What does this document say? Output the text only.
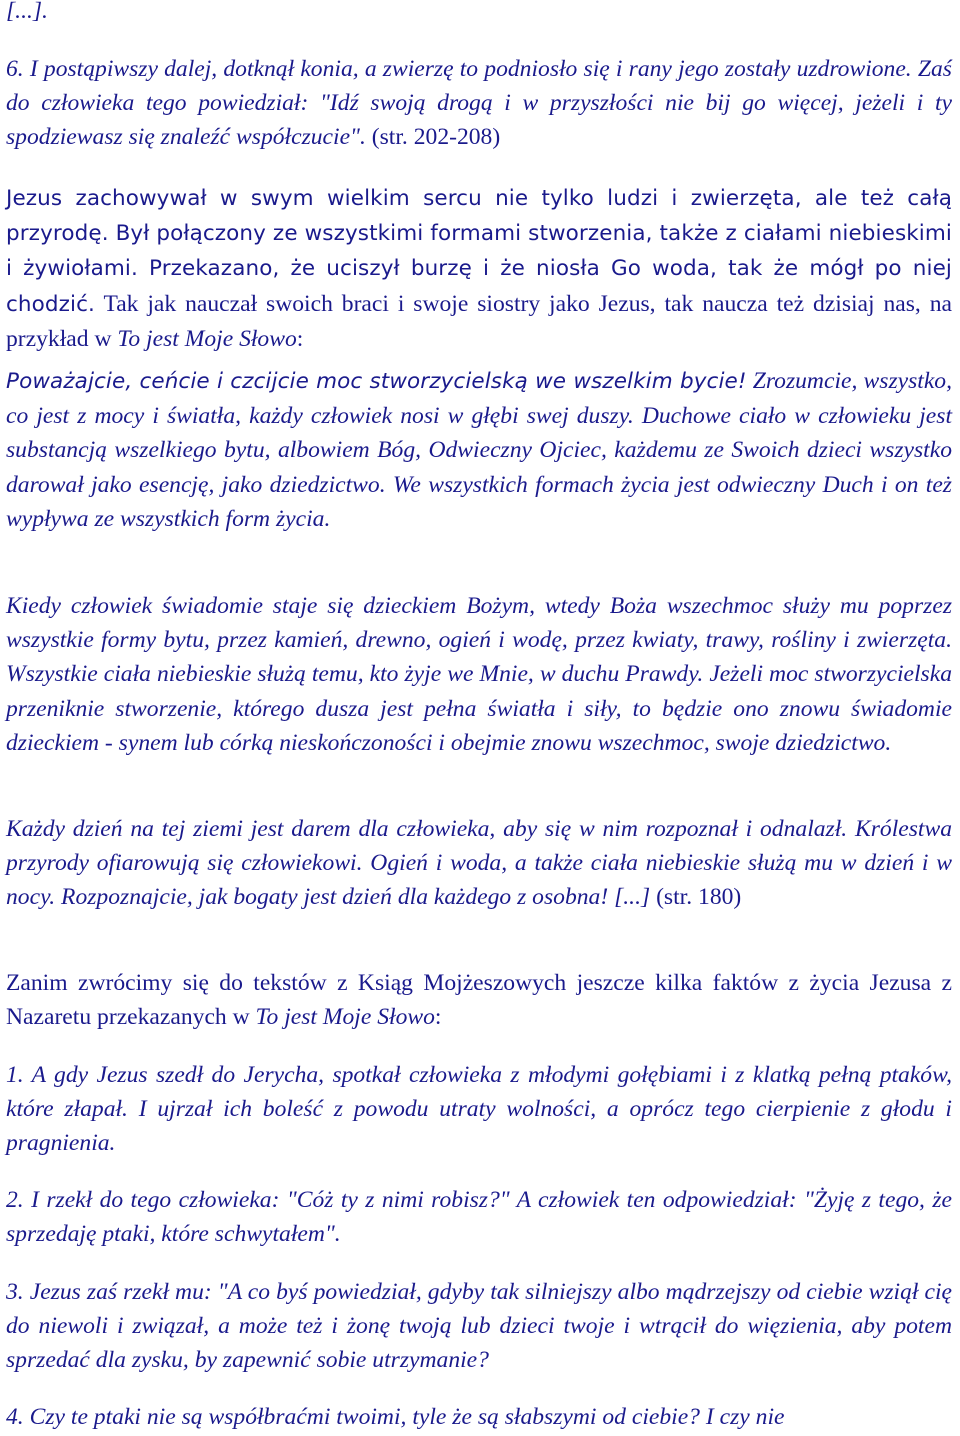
[...].

6. I postąpiwszy dalej, dotknął konia, a zwierzę to podniosło się i rany jego zostały uzdrowione. Zaś do człowieka tego powiedział: "Idź swoją drogą i w przyszłości nie bij go więcej, jeżeli i ty spodziewasz się znaleźć współczucie". (str. 202-208)

Jezus zachowywał w swym wielkim sercu nie tylko ludzi i zwierzęta, ale też całą przyrodę. Był połączony ze wszystkimi formami stworzenia, także z ciałami niebieskimi i żywiołami. Przekazano, że uciszył burzę i że niosła Go woda, tak że mógł po niej chodzić. Tak jak nauczał swoich braci i swoje siostry jako Jezus, tak naucza też dzisiaj nas, na przykład w To jest Moje Słowo:

Poważajcie, ceńcie i czcijcie moc stworzycielską we wszelkim bycie! Zrozumcie, wszystko, co jest z mocy i światła, każdy człowiek nosi w głębi swej duszy. Duchowe ciało w człowieku jest substancją wszelkiego bytu, albowiem Bóg, Odwieczny Ojciec, każdemu ze Swoich dzieci wszystko darował jako esencję, jako dziedzictwo. We wszystkich formach życia jest odwieczny Duch i on też wypływa ze wszystkich form życia.

Kiedy człowiek świadomie staje się dzieckiem Bożym, wtedy Boża wszechmoc służy mu poprzez wszystkie formy bytu, przez kamień, drewno, ogień i wodę, przez kwiaty, trawy, rośliny i zwierzęta. Wszystkie ciała niebieskie służą temu, kto żyje we Mnie, w duchu Prawdy. Jeżeli moc stworzycielska przeniknie stworzenie, którego dusza jest pełna światła i siły, to będzie ono znowu świadomie dzieckiem - synem lub córką nieskończoności i obejmie znowu wszechmoc, swoje dziedzictwo.

Każdy dzień na tej ziemi jest darem dla człowieka, aby się w nim rozpoznał i odnalazł. Królestwa przyrody ofiarowują się człowiekowi. Ogień i woda, a także ciała niebieskie służą mu w dzień i w nocy. Rozpoznajcie, jak bogaty jest dzień dla każdego z osobna! [...] (str. 180)

Zanim zwrócimy się do tekstów z Ksiąg Mojżeszowych jeszcze kilka faktów z życia Jezusa z Nazaretu przekazanych w To jest Moje Słowo:

1. A gdy Jezus szedł do Jerycha, spotkał człowieka z młodymi gołębiami i z klatką pełną ptaków, które złapał. I ujrzał ich boleść z powodu utraty wolności, a oprócz tego cierpienie z głodu i pragnienia.

2. I rzekł do tego człowieka: "Cóż ty z nimi robisz?" A człowiek ten odpowiedział: "Żyję z tego, że sprzedaję ptaki, które schwytałem".

3. Jezus zaś rzekł mu: "A co byś powiedział, gdyby tak silniejszy albo mądrzejszy od ciebie wziął cię do niewoli i związał, a może też i żonę twoją lub dzieci twoje i wtrącił do więzienia, aby potem sprzedać dla zysku, by zapewnić sobie utrzymanie?

4. Czy te ptaki nie są współbraćmi twoimi, tyle że są słabszymi od ciebie? I czy nie
